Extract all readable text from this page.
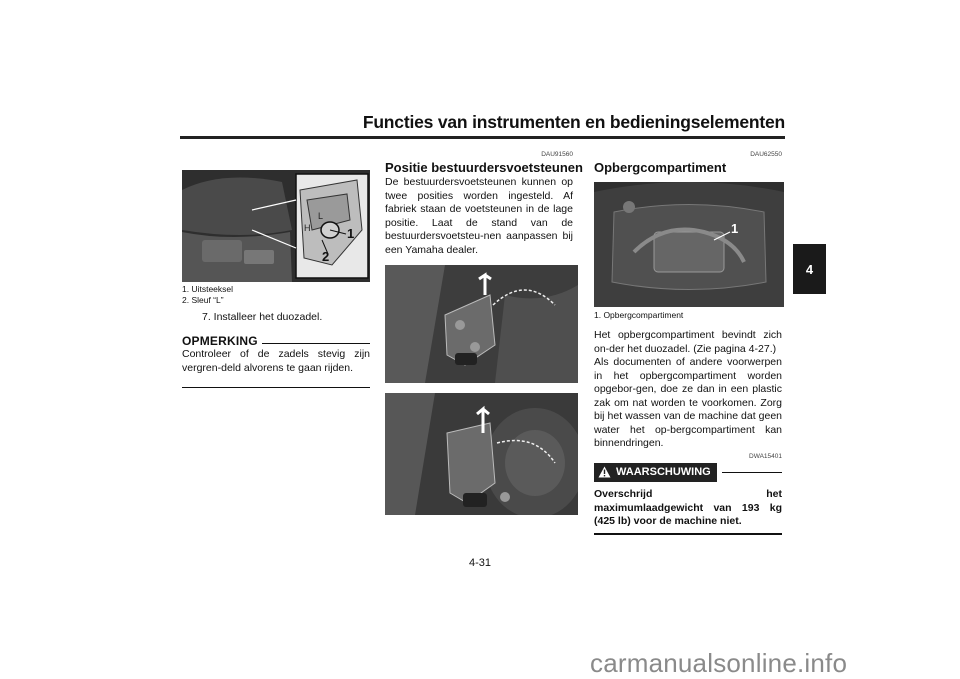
Functies van instrumenten en bedieningselementen
4
1
2
H
L
1. Uitsteeksel
2. Sleuf “L”
7. Installeer het duozadel.
OPMERKING

Controleer of de zadels stevig zijn vergren-deld alvorens te gaan rijden.

DAU91560
Positie bestuurdersvoetsteunen

De bestuurdersvoetsteunen kunnen op twee posities worden ingesteld. Af fabriek staan de voetsteunen in de lage positie. Laat de stand van de bestuurdersvoetsteu-nen aanpassen bij een Yamaha dealer.

DAU62550
Opbergcompartiment
1
1. Opbergcompartiment

Het opbergcompartiment bevindt zich on-der het duozadel. (Zie pagina 4-27.)

Als documenten of andere voorwerpen in het opbergcompartiment worden opgebor-gen, doe ze dan in een plastic zak om nat worden te voorkomen. Zorg bij het wassen van de machine dat geen water het op-bergcompartiment kan binnendringen.

DWA15401
WAARSCHUWING

Overschrijd het maximumlaadgewicht van 193 kg (425 lb) voor de machine niet.

4-31
carmanualsonline.info
